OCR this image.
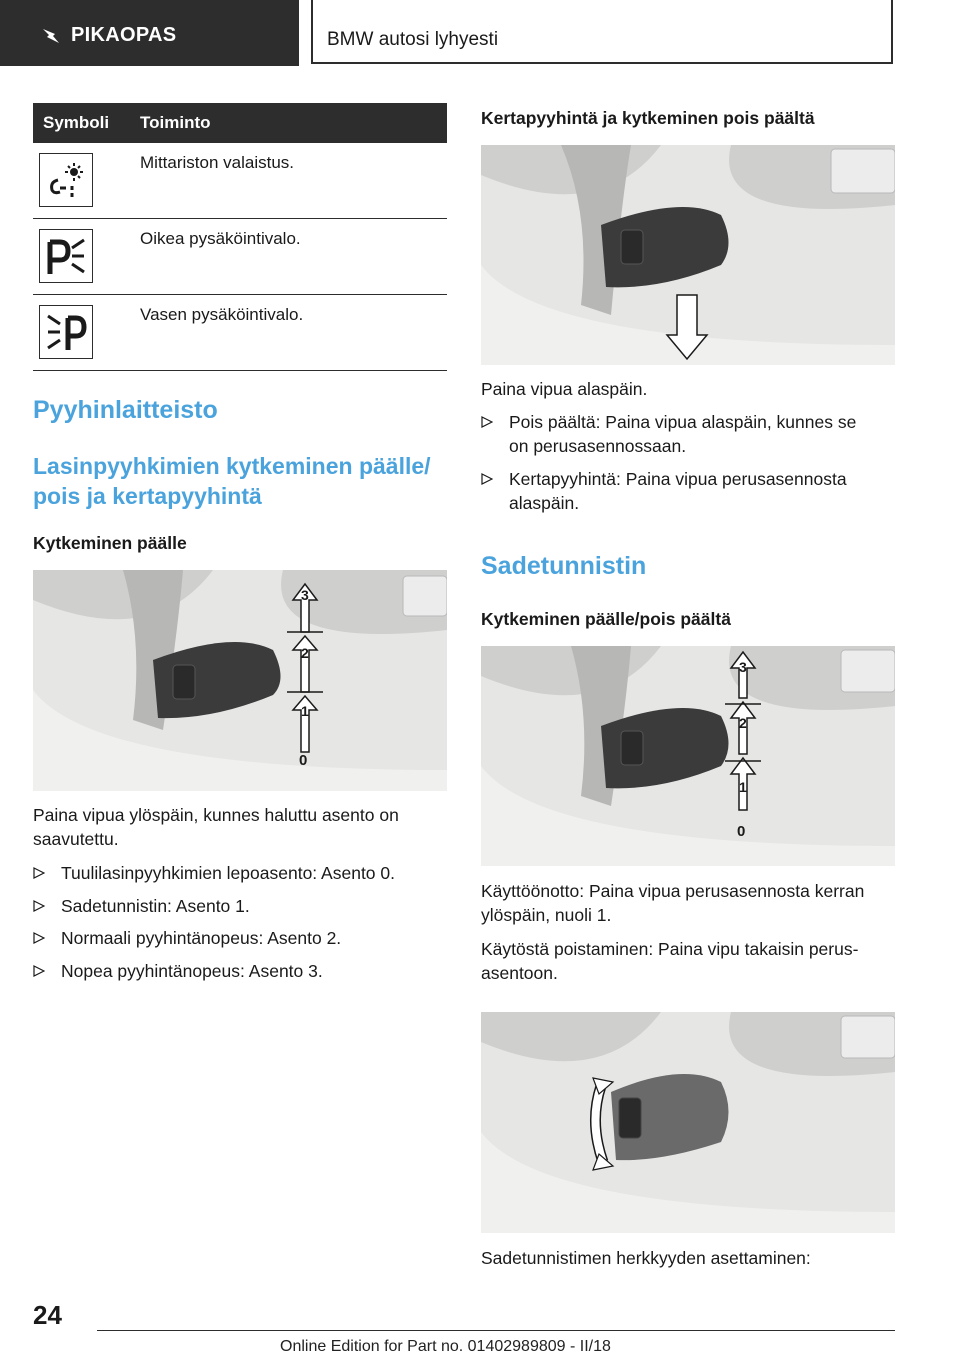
PIKAOPAS	BMW autosi lyhyesti
Symboli	Toiminto
Mittariston valaistus.
Oikea pysäköintivalo.
Vasen pysäköintivalo.
Pyyhinlaitteisto
Lasinpyyhkimien kytkeminen päälle/
pois ja kertapyyhintä
Kytkeminen päälle
0
1
2
3
Paina vipua ylöspäin, kunnes haluttu asento on
saavutettu.
Tuulilasinpyyhkimien lepoasento: Asento 0.
Sadetunnistin: Asento 1.
Normaali pyyhintänopeus: Asento 2.
Nopea pyyhintänopeus: Asento 3.
Kertapyyhintä ja kytkeminen pois päältä
Paina vipua alaspäin.
Pois päältä: Paina vipua alaspäin, kunnes se
on perusasennossaan.
Kertapyyhintä: Paina vipua perusasennosta
alaspäin.
Sadetunnistin
Kytkeminen päälle/pois päältä
0
1
2
3
Käyttöönotto: Paina vipua perusasennosta kerran
ylöspäin, nuoli 1.
Käytöstä poistaminen: Paina vipu takaisin perus-
asentoon.
Sadetunnistimen herkkyyden asettaminen:
24
Online Edition for Part no. 01402989809 - II/18
